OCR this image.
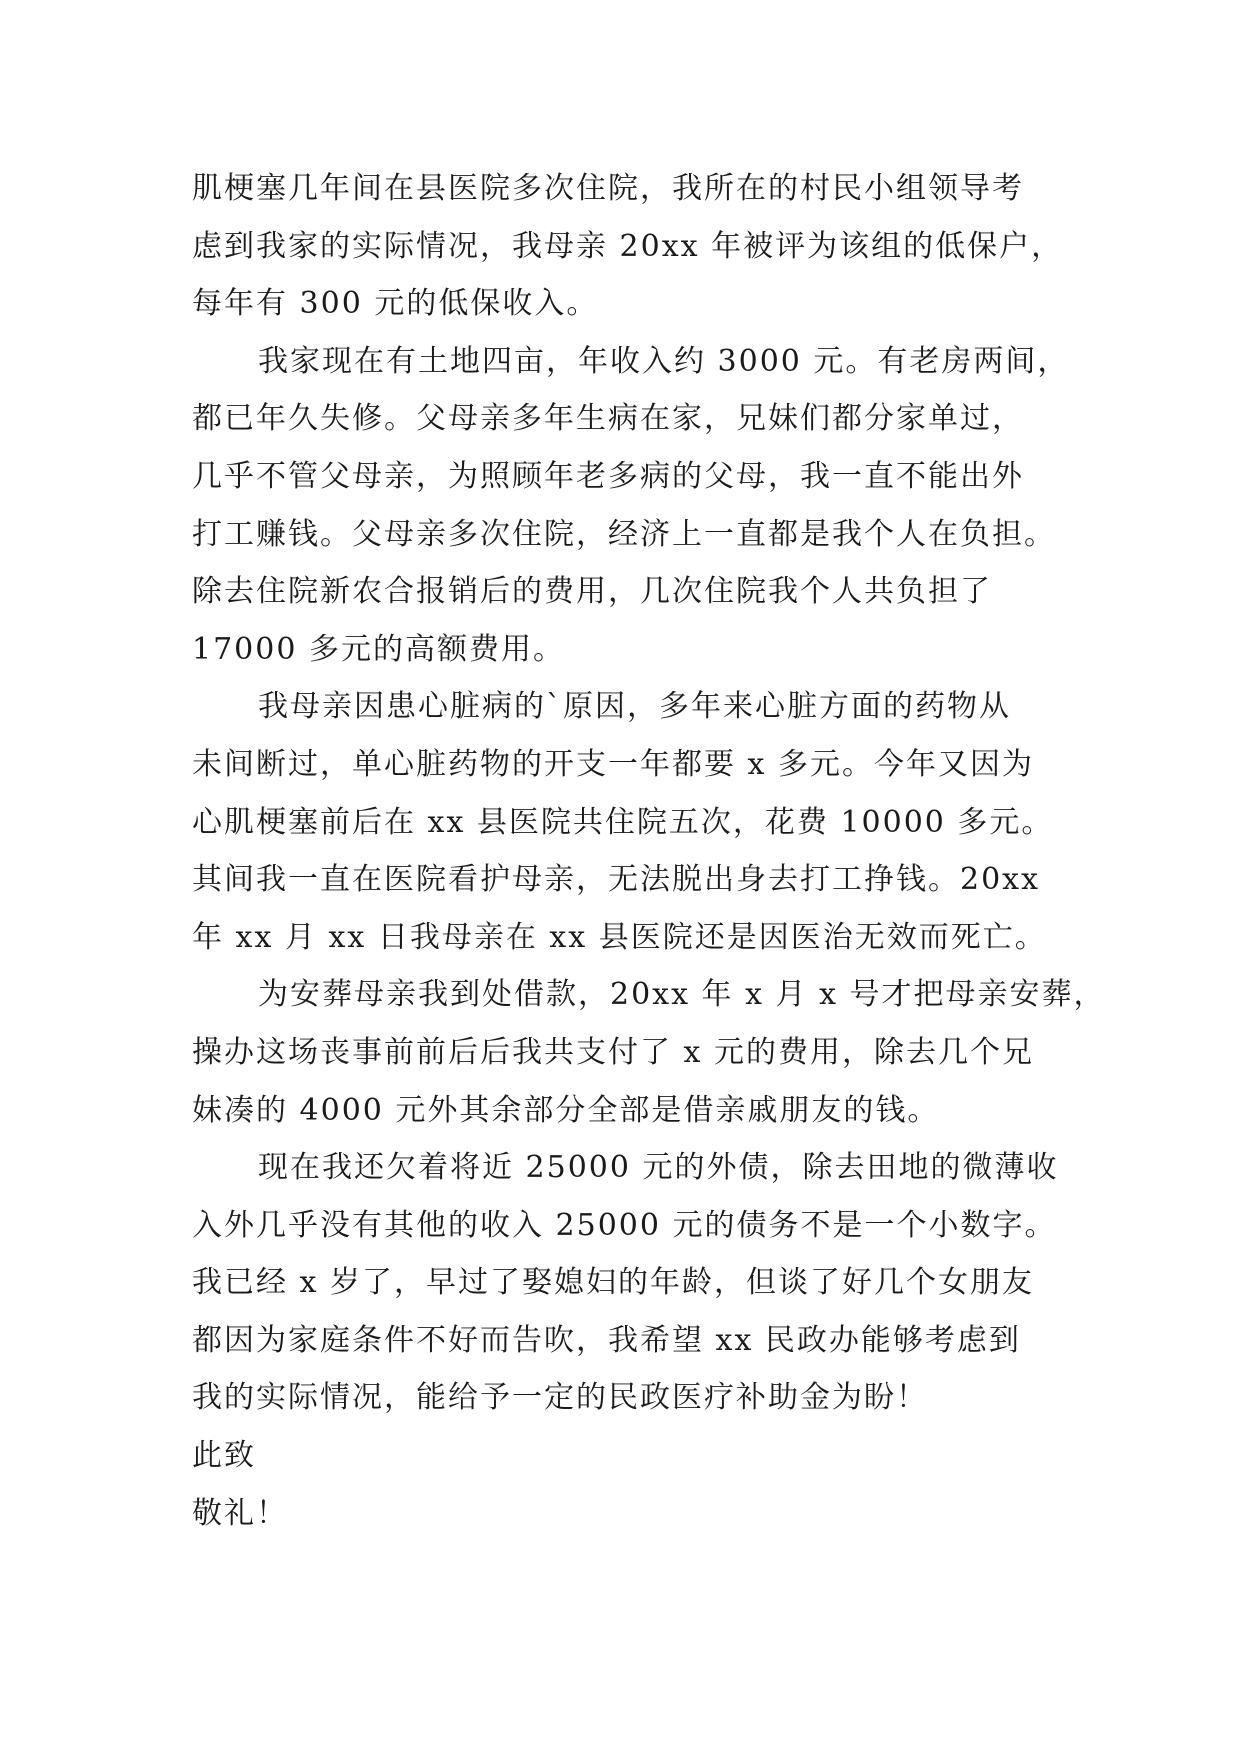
肌梗塞几年间在县医院多次住院，我所在的村民小组领导考
虑到我家的实际情况，我母亲 20xx 年被评为该组的低保户，
每年有 300 元的低保收入。
我家现在有土地四亩，年收入约 3000 元。有老房两间，
都已年久失修。父母亲多年生病在家，兄妹们都分家单过，
几乎不管父母亲，为照顾年老多病的父母，我一直不能出外
打工赚钱。父母亲多次住院，经济上一直都是我个人在负担。
除去住院新农合报销后的费用，几次住院我个人共负担了
17000 多元的高额费用。
我母亲因患心脏病的`原因，多年来心脏方面的药物从
未间断过，单心脏药物的开支一年都要 x 多元。今年又因为
心肌梗塞前后在 xx 县医院共住院五次，花费 10000 多元。
其间我一直在医院看护母亲，无法脱出身去打工挣钱。20xx
年 xx 月 xx 日我母亲在 xx 县医院还是因医治无效而死亡。
为安葬母亲我到处借款，20xx 年 x 月 x 号才把母亲安葬，
操办这场丧事前前后后我共支付了 x 元的费用，除去几个兄
妹凑的 4000 元外其余部分全部是借亲戚朋友的钱。
现在我还欠着将近 25000 元的外债，除去田地的微薄收
入外几乎没有其他的收入 25000 元的债务不是一个小数字。
我已经 x 岁了，早过了娶媳妇的年龄，但谈了好几个女朋友
都因为家庭条件不好而告吹，我希望 xx 民政办能够考虑到
我的实际情况，能给予一定的民政医疗补助金为盼！
此致
敬礼！
